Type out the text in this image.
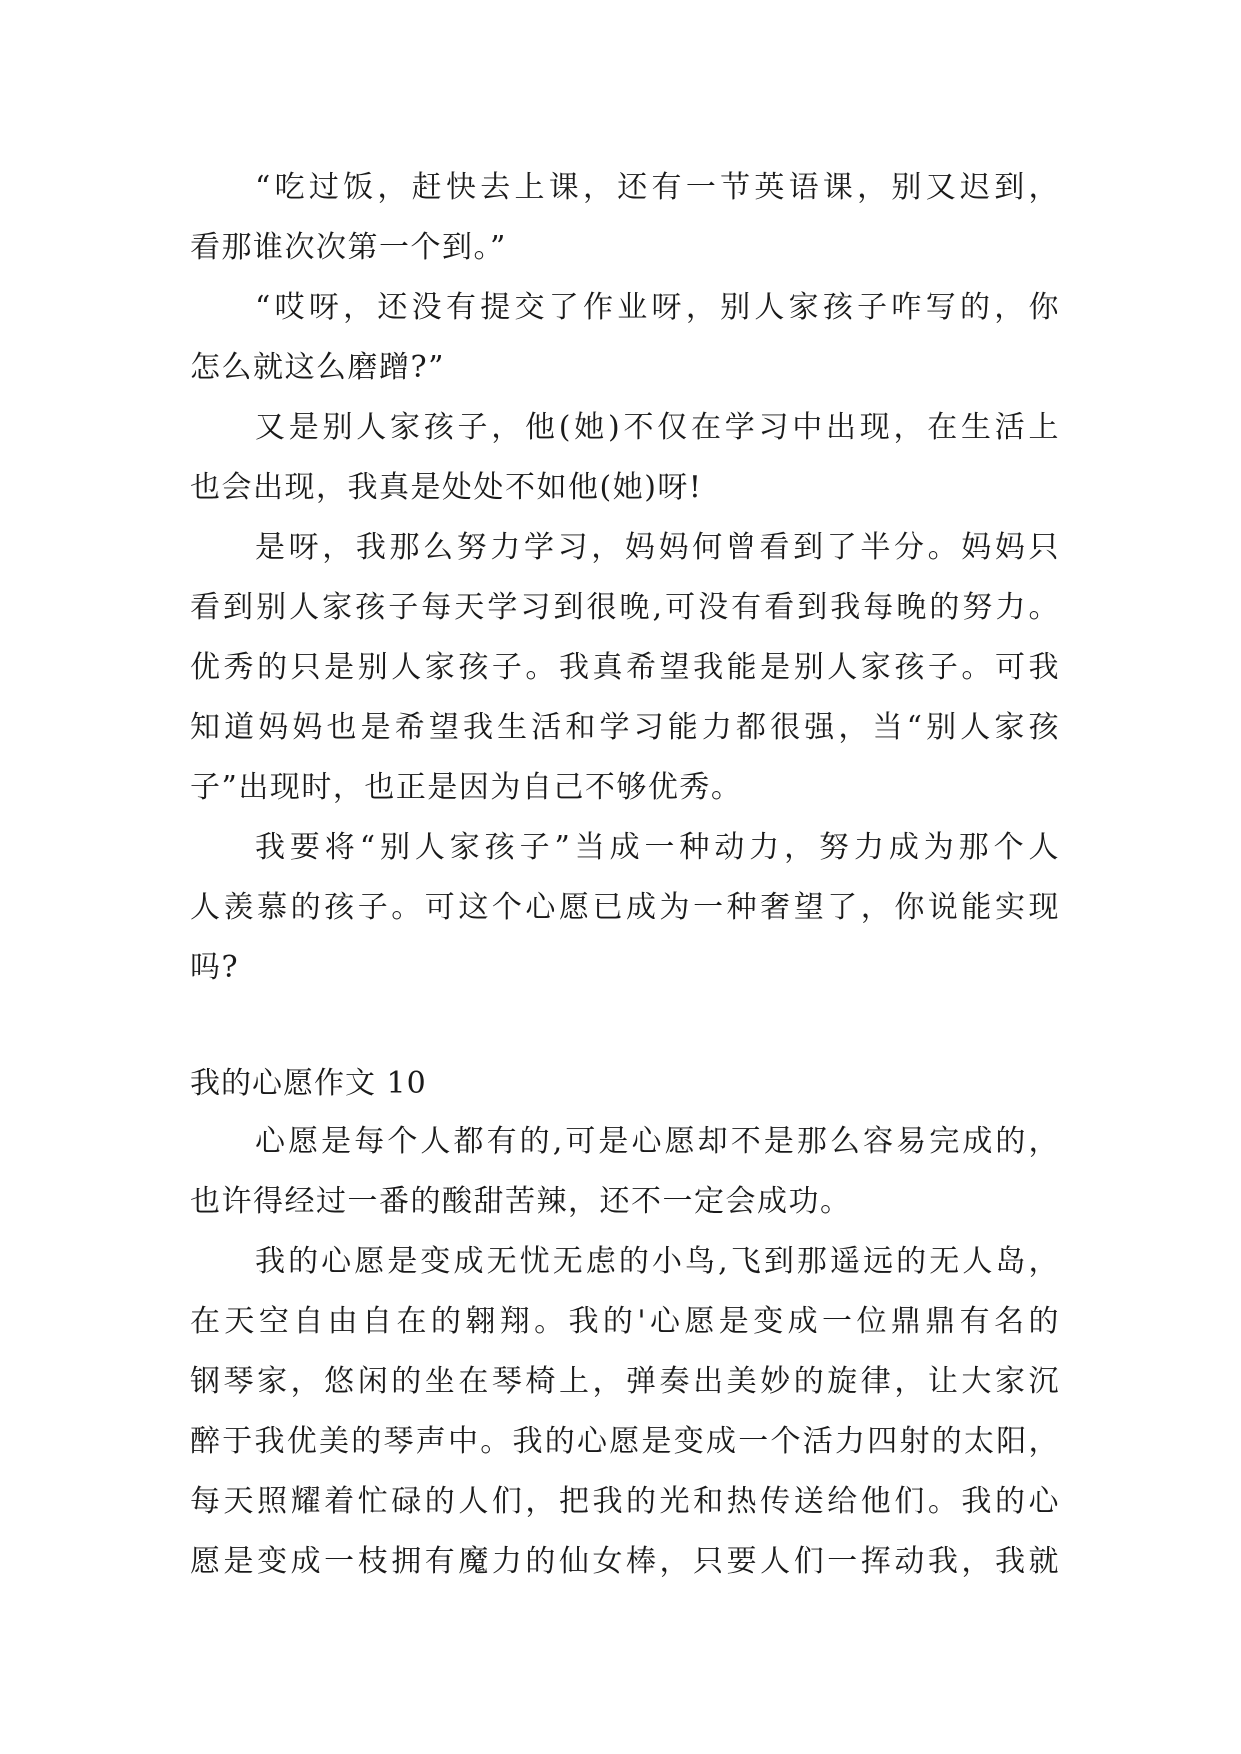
“吃过饭，赶快去上课，还有一节英语课，别又迟到，
看那谁次次第一个到。”
“哎呀，还没有提交了作业呀，别人家孩子咋写的，你
怎么就这么磨蹭?”
又是别人家孩子，他(她)不仅在学习中出现，在生活上
也会出现，我真是处处不如他(她)呀!
是呀，我那么努力学习，妈妈何曾看到了半分。妈妈只
看到别人家孩子每天学习到很晚,可没有看到我每晚的努力。
优秀的只是别人家孩子。我真希望我能是别人家孩子。可我
知道妈妈也是希望我生活和学习能力都很强，当“别人家孩
子”出现时，也正是因为自己不够优秀。
我要将“别人家孩子”当成一种动力，努力成为那个人
人羡慕的孩子。可这个心愿已成为一种奢望了，你说能实现
吗?
我的心愿作文 10
心愿是每个人都有的,可是心愿却不是那么容易完成的，
也许得经过一番的酸甜苦辣，还不一定会成功。
我的心愿是变成无忧无虑的小鸟,飞到那遥远的无人岛，
在天空自由自在的翱翔。我的'心愿是变成一位鼎鼎有名的
钢琴家，悠闲的坐在琴椅上，弹奏出美妙的旋律，让大家沉
醉于我优美的琴声中。我的心愿是变成一个活力四射的太阳，
每天照耀着忙碌的人们，把我的光和热传送给他们。我的心
愿是变成一枝拥有魔力的仙女棒，只要人们一挥动我，我就
